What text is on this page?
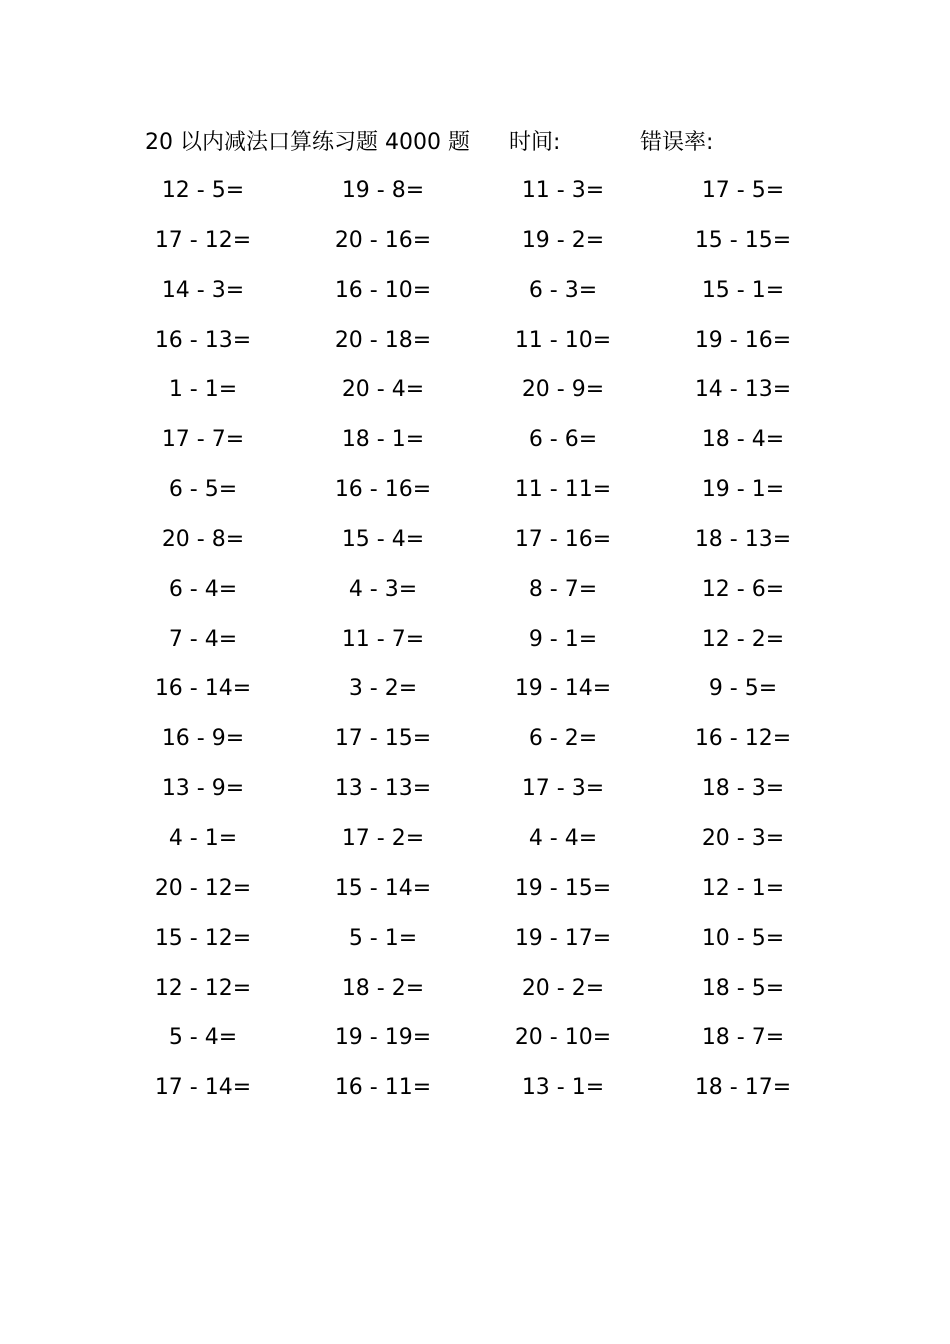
20 以内减法口算练习题 4000 题 时间:	错误率:
12 - 5=	19 - 8=	11 - 3=	17 - 5=
17 - 12=	20 - 16=	19 - 2=	15 - 15=
14 - 3=	16 - 10=	6 - 3=	15 - 1=
16 - 13=	20 - 18=	11 - 10=	19 - 16=
1 - 1=	20 - 4=	20 - 9=	14 - 13=
17 - 7=	18 - 1=	6 - 6=	18 - 4=
6 - 5=	16 - 16=	11 - 11=	19 - 1=
20 - 8=	15 - 4=	17 - 16=	18 - 13=
6 - 4=	4 - 3=	8 - 7=	12 - 6=
7 - 4=	11 - 7=	9 - 1=	12 - 2=
16 - 14=	3 - 2=	19 - 14=	9 - 5=
16 - 9=	17 - 15=	6 - 2=	16 - 12=
13 - 9=	13 - 13=	17 - 3=	18 - 3=
4 - 1=	17 - 2=	4 - 4=	20 - 3=
20 - 12=	15 - 14=	19 - 15=	12 - 1=
15 - 12=	5 - 1=	19 - 17=	10 - 5=
12 - 12=	18 - 2=	20 - 2=	18 - 5=
5 - 4=	19 - 19=	20 - 10=	18 - 7=
17 - 14=	16 - 11=	13 - 1=	18 - 17=
